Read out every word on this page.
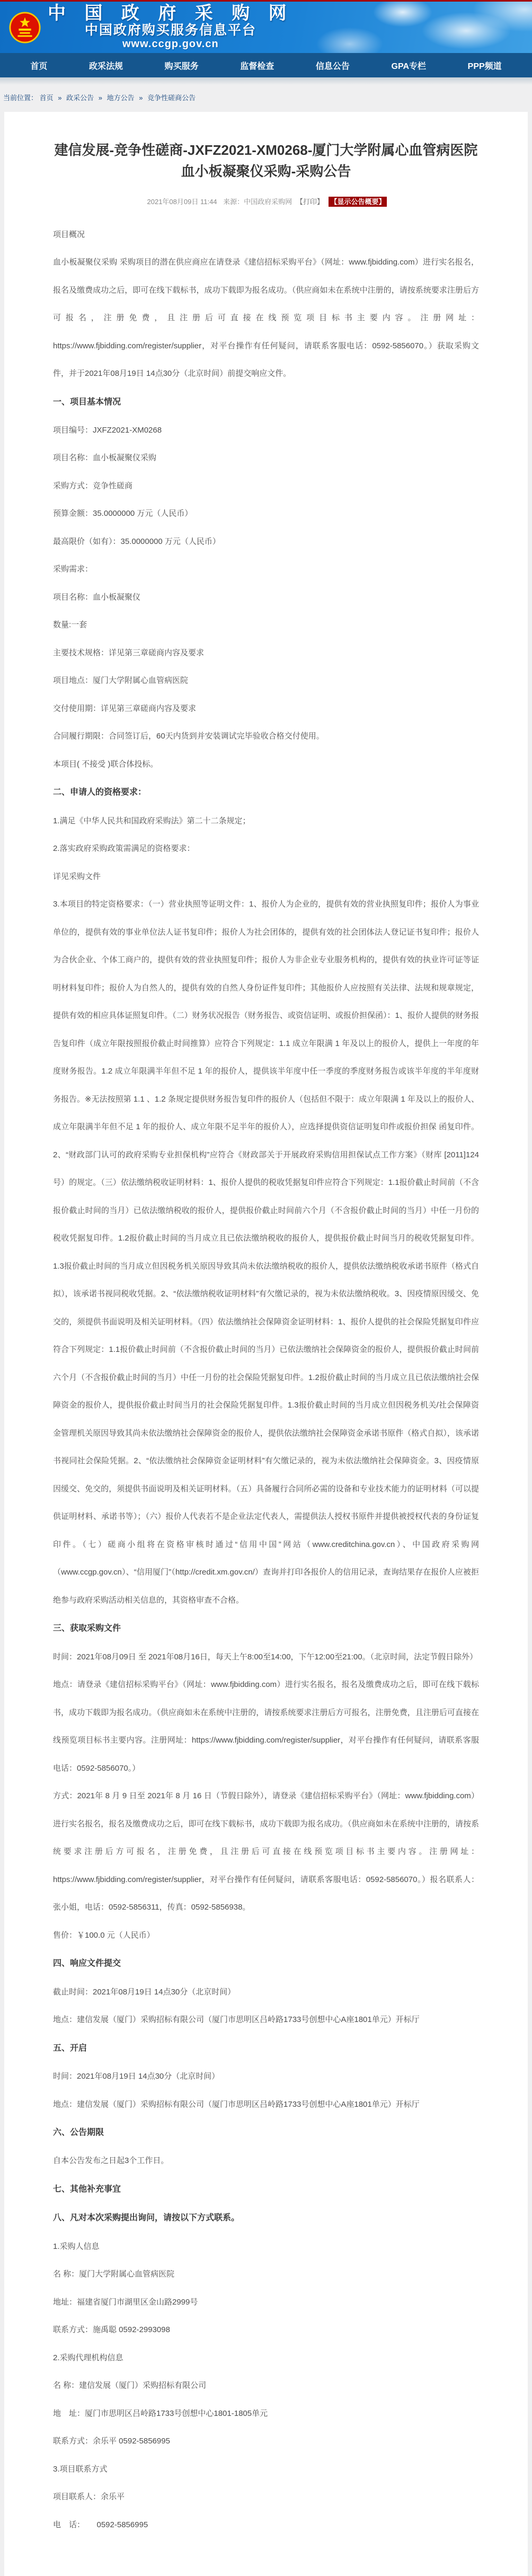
中 国 政 府 采 购 网
中国政府购买服务信息平台
www.ccgp.gov.cn
首页	政采法规	购买服务	监督检查	信息公告	GPA专栏	PPP频道
当前位置： 首页 » 政采公告 » 地方公告 » 竞争性磋商公告
建信发展-竞争性磋商-JXFZ2021-XM0268-厦门大学附属心血管病医院血小板凝聚仪采购-采购公告
2021年08月09日 11:44 来源：中国政府采购网 【打印】 【显示公告概要】

项目概况

血小板凝聚仪采购 采购项目的潜在供应商应在请登录《建信招标采购平台》（网址：www.fjbidding.com）进行实名报名，报名及缴费成功之后，即可在线下载标书，成功下载即为报名成功。（供应商如未在系统中注册的，请按系统要求注册后方可报名，注册免费，且注册后可直接在线预览项目标书主要内容。注册网址：https://www.fjbidding.com/register/supplier，对平台操作有任何疑问，请联系客服电话：0592-5856070。）获取采购文件，并于2021年08月19日 14点30分（北京时间）前提交响应文件。

一、项目基本情况

项目编号：JXFZ2021-XM0268

项目名称：血小板凝聚仪采购

采购方式：竞争性磋商

预算金额：35.0000000 万元（人民币）

最高限价（如有）：35.0000000 万元（人民币）

采购需求：

项目名称：血小板凝聚仪

数量:一套

主要技术规格：详见第三章磋商内容及要求

项目地点：厦门大学附属心血管病医院

交付使用期：详见第三章磋商内容及要求

合同履行期限：合同签订后，60天内货到并安装调试完毕验收合格交付使用。

本项目( 不接受 )联合体投标。

二、申请人的资格要求：

1.满足《中华人民共和国政府采购法》第二十二条规定；

2.落实政府采购政策需满足的资格要求：

详见采购文件

3.本项目的特定资格要求：（一）营业执照等证明文件：1、报价人为企业的，提供有效的营业执照复印件；报价人为事业单位的，提供有效的事业单位法人证书复印件；报价人为社会团体的，提供有效的社会团体法人登记证书复印件；报价人为合伙企业、个体工商户的，提供有效的营业执照复印件；报价人为非企业专业服务机构的，提供有效的执业许可证等证明材料复印件；报价人为自然人的，提供有效的自然人身份证件复印件；其他报价人应按照有关法律、法规和规章规定，提供有效的相应具体证照复印件。（二）财务状况报告（财务报告、或资信证明、或报价担保函）：1、报价人提供的财务报告复印件（成立年限按照报价截止时间推算）应符合下列规定：1.1 成立年限满 1 年及以上的报价人，提供上一年度的年度财务报告。1.2 成立年限满半年但不足 1 年的报价人，提供该半年度中任一季度的季度财务报告或该半年度的半年度财务报告。※无法按照第 1.1 、1.2 条规定提供财务报告复印件的报价人（包括但不限于：成立年限满 1 年及以上的报价人、成立年限满半年但不足 1 年的报价人、成立年限不足半年的报价人），应选择提供资信证明复印件或报价担保 函复印件。2、“财政部门认可的政府采购专业担保机构”应符合《财政部关于开展政府采购信用担保试点工作方案》（财库 [2011]124 号）的规定。（三）依法缴纳税收证明材料：1、报价人提供的税收凭据复印件应符合下列规定：1.1报价截止时间前（不含报价截止时间的当月）已依法缴纳税收的报价人，提供报价截止时间前六个月（不含报价截止时间的当月）中任一月份的税收凭据复印件。1.2报价截止时间的当月成立且已依法缴纳税收的报价人，提供报价截止时间当月的税收凭据复印件。1.3报价截止时间的当月成立但因税务机关原因导致其尚未依法缴纳税收的报价人，提供依法缴纳税收承诺书原件（格式自拟），该承诺书视同税收凭据。2、“依法缴纳税收证明材料”有欠缴记录的，视为未依法缴纳税收。3、因疫情原因缓交、免交的，须提供书面说明及相关证明材料。（四）依法缴纳社会保障资金证明材料：1、报价人提供的社会保险凭据复印件应符合下列规定：1.1报价截止时间前（不含报价截止时间的当月）已依法缴纳社会保障资金的报价人，提供报价截止时间前六个月（不含报价截止时间的当月）中任一月份的社会保险凭据复印件。1.2报价截止时间的当月成立且已依法缴纳社会保障资金的报价人，提供报价截止时间当月的社会保险凭据复印件。1.3报价截止时间的当月成立但因税务机关/社会保障资金管理机关原因导致其尚未依法缴纳社会保障资金的报价人，提供依法缴纳社会保障资金承诺书原件（格式自拟），该承诺书视同社会保险凭据。2、“依法缴纳社会保障资金证明材料”有欠缴记录的，视为未依法缴纳社会保障资金。3、因疫情原因缓交、免交的，须提供书面说明及相关证明材料。（五）具备履行合同所必需的设备和专业技术能力的证明材料（可以提供证明材料、承诺书等）；（六）报价人代表若不是企业法定代表人，需提供法人授权书原件并提供被授权代表的身份证复印件。（七）磋商小组将在资格审核时通过“信用中国”网站（www.creditchina.gov.cn）、中国政府采购网（www.ccgp.gov.cn）、“信用厦门”（http://credit.xm.gov.cn/）查询并打印各报价人的信用记录，查询结果存在报价人应被拒绝参与政府采购活动相关信息的，其资格审查不合格。

三、获取采购文件

时间：2021年08月09日 至 2021年08月16日，每天上午8:00至14:00，下午12:00至21:00。（北京时间，法定节假日除外）

地点：请登录《建信招标采购平台》（网址：www.fjbidding.com）进行实名报名，报名及缴费成功之后，即可在线下载标书，成功下载即为报名成功。（供应商如未在系统中注册的，请按系统要求注册后方可报名，注册免费，且注册后可直接在线预览项目标书主要内容。注册网址：https://www.fjbidding.com/register/supplier，对平台操作有任何疑问，请联系客服电话：0592-5856070。）

方式：2021年 8 月 9 日至 2021年 8 月 16 日（节假日除外），请登录《建信招标采购平台》（网址：www.fjbidding.com）进行实名报名，报名及缴费成功之后，即可在线下载标书，成功下载即为报名成功。（供应商如未在系统中注册的，请按系统要求注册后方可报名，注册免费，且注册后可直接在线预览项目标书主要内容。注册网址：https://www.fjbidding.com/register/supplier，对平台操作有任何疑问，请联系客服电话：0592-5856070。）报名联系人：张小姐，电话：0592-5856311，传真：0592-5856938。

售价：￥100.0 元（人民币）

四、响应文件提交

截止时间：2021年08月19日 14点30分（北京时间）

地点：建信发展（厦门）采购招标有限公司（厦门市思明区吕岭路1733号创想中心A座1801单元）开标厅

五、开启

时间：2021年08月19日 14点30分（北京时间）

地点：建信发展（厦门）采购招标有限公司（厦门市思明区吕岭路1733号创想中心A座1801单元）开标厅

六、公告期限

自本公告发布之日起3个工作日。

七、其他补充事宜
八、凡对本次采购提出询问，请按以下方式联系。

1.采购人信息

名 称：厦门大学附属心血管病医院

地址：福建省厦门市湖里区金山路2999号

联系方式：施禹聪 0592-2993098

2.采购代理机构信息

名 称：建信发展（厦门）采购招标有限公司

地　址：厦门市思明区吕岭路1733号创想中心1801-1805单元

联系方式：余乐平 0592-5856995

3.项目联系方式

项目联系人：余乐平

电　话：　　0592-5856995
